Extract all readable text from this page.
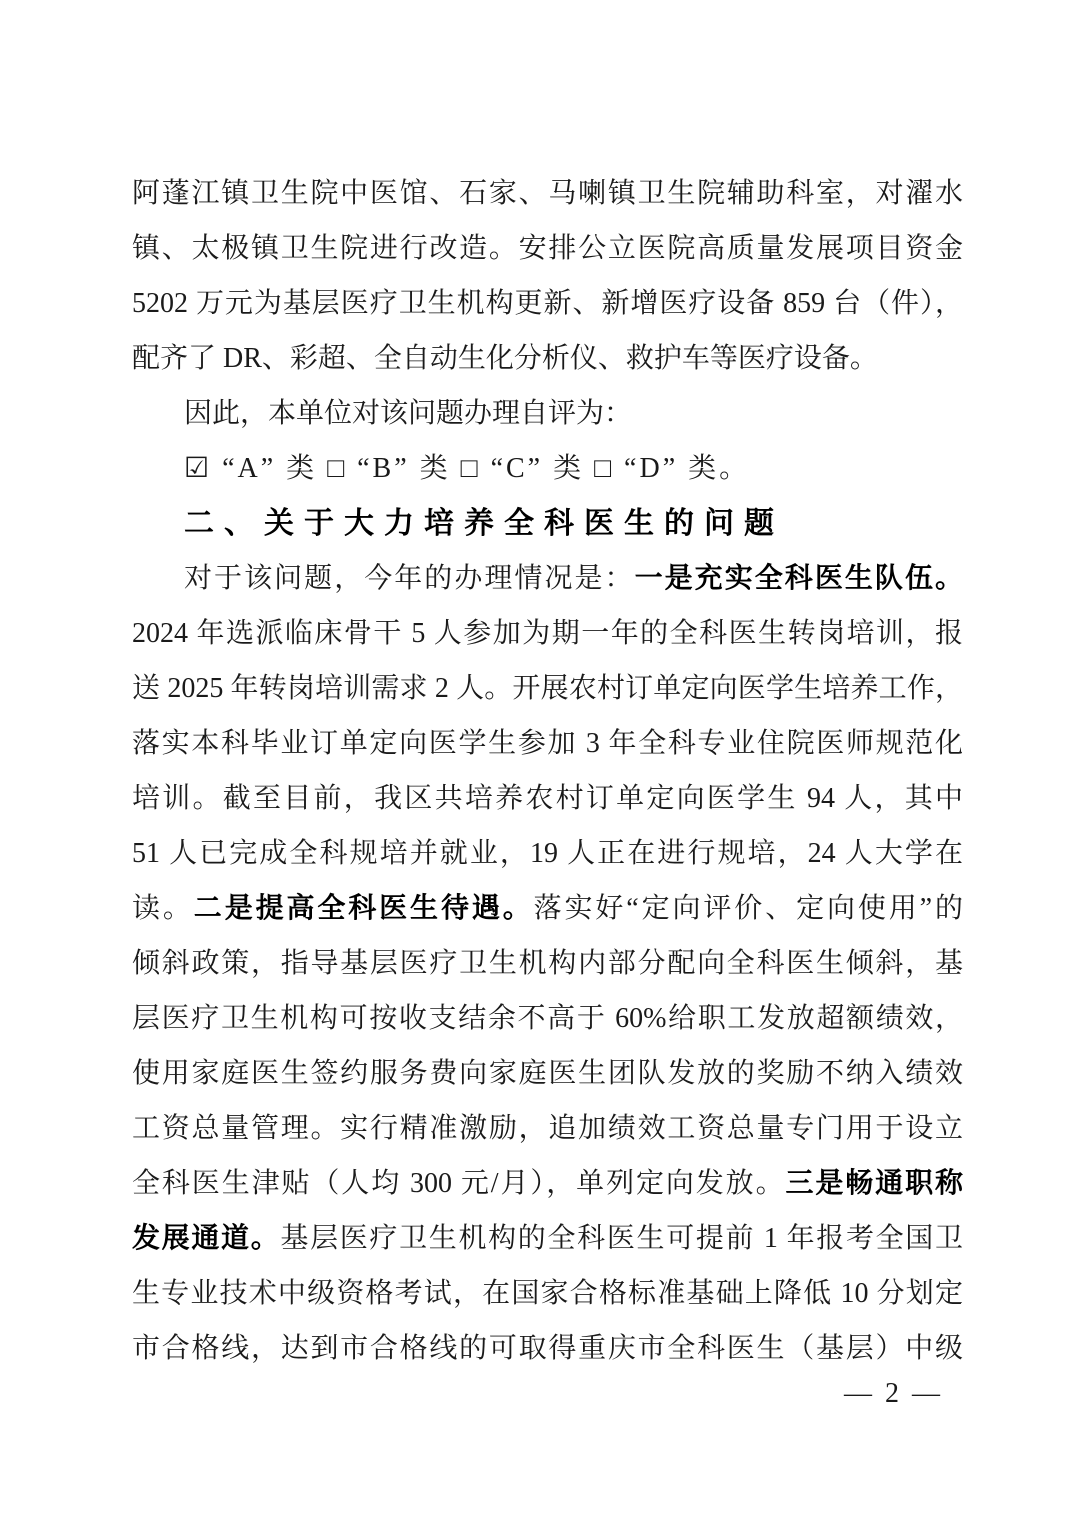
阿蓬江镇卫生院中医馆、石家、马喇镇卫生院辅助科室，对濯水
镇、太极镇卫生院进行改造。安排公立医院高质量发展项目资金
5202 万元为基层医疗卫生机构更新、新增医疗设备 859 台（件），
配齐了 DR、彩超、全自动生化分析仪、救护车等医疗设备。
因此，本单位对该问题办理自评为：
☑ “A” 类 □ “B” 类 □ “C” 类 □ “D” 类。
二、关于大力培养全科医生的问题
对于该问题，今年的办理情况是：一是充实全科医生队伍。
2024 年选派临床骨干 5 人参加为期一年的全科医生转岗培训，报
送 2025 年转岗培训需求 2 人。开展农村订单定向医学生培养工作，
落实本科毕业订单定向医学生参加 3 年全科专业住院医师规范化
培训。截至目前，我区共培养农村订单定向医学生 94 人，其中
51 人已完成全科规培并就业，19 人正在进行规培，24 人大学在
读。二是提高全科医生待遇。落实好“定向评价、定向使用”的
倾斜政策，指导基层医疗卫生机构内部分配向全科医生倾斜，基
层医疗卫生机构可按收支结余不高于 60%给职工发放超额绩效，
使用家庭医生签约服务费向家庭医生团队发放的奖励不纳入绩效
工资总量管理。实行精准激励，追加绩效工资总量专门用于设立
全科医生津贴（人均 300 元/月），单列定向发放。三是畅通职称
发展通道。基层医疗卫生机构的全科医生可提前 1 年报考全国卫
生专业技术中级资格考试，在国家合格标准基础上降低 10 分划定
市合格线，达到市合格线的可取得重庆市全科医生（基层）中级
— 2 —
